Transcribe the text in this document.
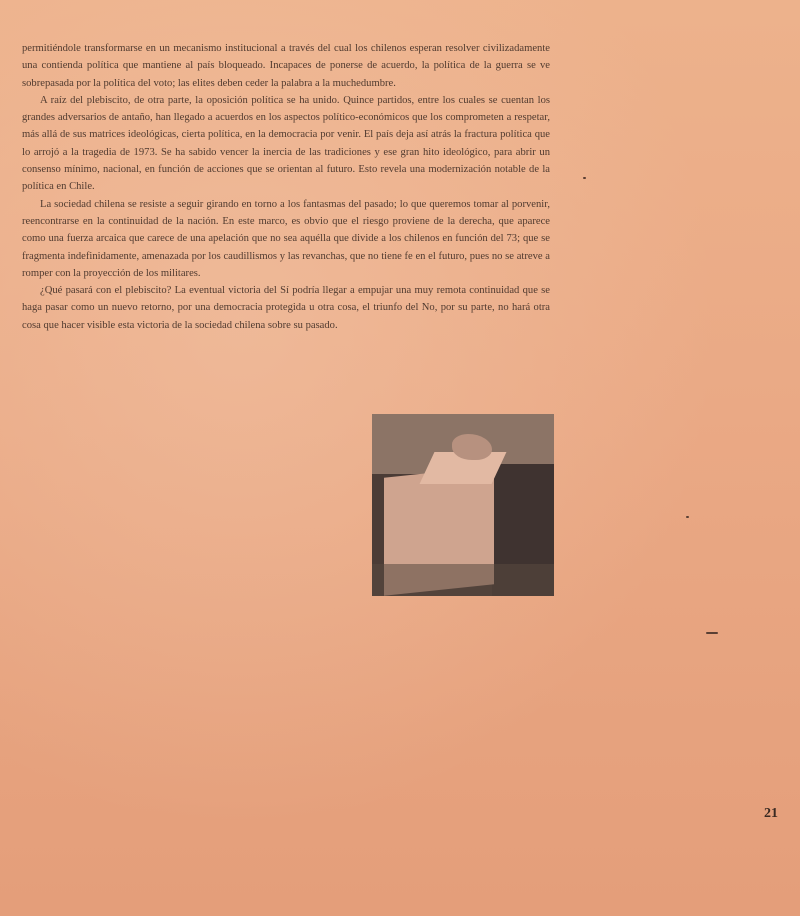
permitiéndole transformarse en un mecanismo institucional a través del cual los chilenos esperan resolver civilizadamente una contienda política que mantiene al país bloqueado. Incapaces de ponerse de acuerdo, la política de la guerra se ve sobrepasada por la política del voto; las elites deben ceder la palabra a la muchedumbre.

A raíz del plebiscito, de otra parte, la oposición política se ha unido. Quince partidos, entre los cuales se cuentan los grandes adversarios de antaño, han llegado a acuerdos en los aspectos político-económicos que los comprometen a respetar, más allá de sus matrices ideológicas, cierta política, en la democracia por venir. El país deja así atrás la fractura política que lo arrojó a la tragedia de 1973. Se ha sabido vencer la inercia de las tradiciones y ese gran hito ideológico, para abrir un consenso mínimo, nacional, en función de acciones que se orientan al futuro. Esto revela una modernización notable de la política en Chile.

La sociedad chilena se resiste a seguir girando en torno a los fantasmas del pasado; lo que queremos tomar al porvenir, reencontrarse en la continuidad de la nación. En este marco, es obvio que el riesgo proviene de la derecha, que aparece como una fuerza arcaica que carece de una apelación que no sea aquélla que divide a los chilenos en función del 73; que se fragmenta indefinidamente, amenazada por los caudillismos y las revanchas, que no tiene fe en el futuro, pues no se atreve a romper con la proyección de los militares.

¿Qué pasará con el plebiscito? La eventual victoria del Sí podría llegar a empujar una muy remota continuidad que se haga pasar como un nuevo retorno, por una democracia protegida u otra cosa, el triunfo del No, por su parte, no hará otra cosa que hacer visible esta victoria de la sociedad chilena sobre su pasado.

21
